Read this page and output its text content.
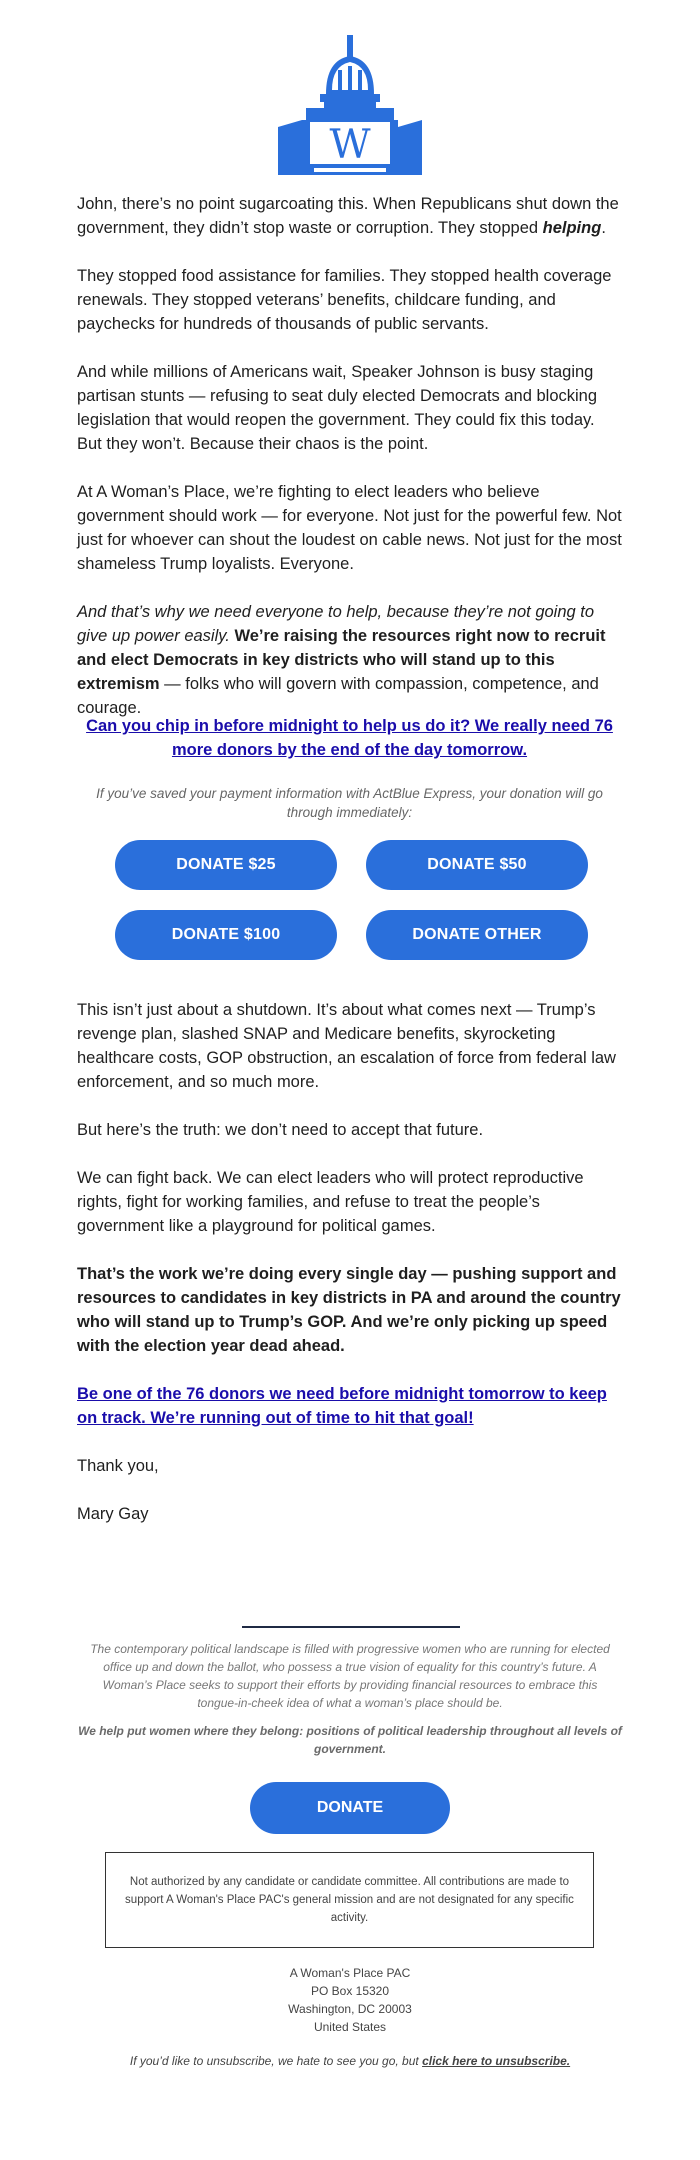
W

John, there’s no point sugarcoating this. When Republicans shut down the government, they didn’t stop waste or corruption. They stopped helping.

They stopped food assistance for families. They stopped health coverage renewals. They stopped veterans’ benefits, childcare funding, and paychecks for hundreds of thousands of public servants.

And while millions of Americans wait, Speaker Johnson is busy staging partisan stunts — refusing to seat duly elected Democrats and blocking legislation that would reopen the government. They could fix this today. But they won’t. Because their chaos is the point.

At A Woman’s Place, we’re fighting to elect leaders who believe government should work — for everyone. Not just for the powerful few. Not just for whoever can shout the loudest on cable news. Not just for the most shameless Trump loyalists. Everyone.

And that’s why we need everyone to help, because they’re not going to give up power easily. We’re raising the resources right now to recruit and elect Democrats in key districts who will stand up to this extremism — folks who will govern with compassion, competence, and courage.

Can you chip in before midnight to help us do it? We really need 76 more donors by the end of the day tomorrow.
If you’ve saved your payment information with ActBlue Express, your donation will go through immediately:
DONATE $25	DONATE $50
DONATE $100	DONATE OTHER

This isn’t just about a shutdown. It’s about what comes next — Trump’s revenge plan, slashed SNAP and Medicare benefits, skyrocketing healthcare costs, GOP obstruction, an escalation of force from federal law enforcement, and so much more.

But here’s the truth: we don’t need to accept that future.

We can fight back. We can elect leaders who will protect reproductive rights, fight for working families, and refuse to treat the people’s government like a playground for political games.

That’s the work we’re doing every single day — pushing support and resources to candidates in key districts in PA and around the country who will stand up to Trump’s GOP. And we’re only picking up speed with the election year dead ahead.

Be one of the 76 donors we need before midnight tomorrow to keep on track. We’re running out of time to hit that goal!

Thank you,

Mary Gay

The contemporary political landscape is filled with progressive women who are running for elected office up and down the ballot, who possess a true vision of equality for this country’s future. A Woman’s Place seeks to support their efforts by providing financial resources to embrace this tongue-in-cheek idea of what a woman’s place should be.
We help put women where they belong: positions of political leadership throughout all levels of government.
DONATE
Not authorized by any candidate or candidate committee. All contributions are made to support A Woman's Place PAC's general mission and are not designated for any specific activity.
A Woman's Place PAC
PO Box 15320
Washington, DC 20003
United States
If you’d like to unsubscribe, we hate to see you go, but click here to unsubscribe.
